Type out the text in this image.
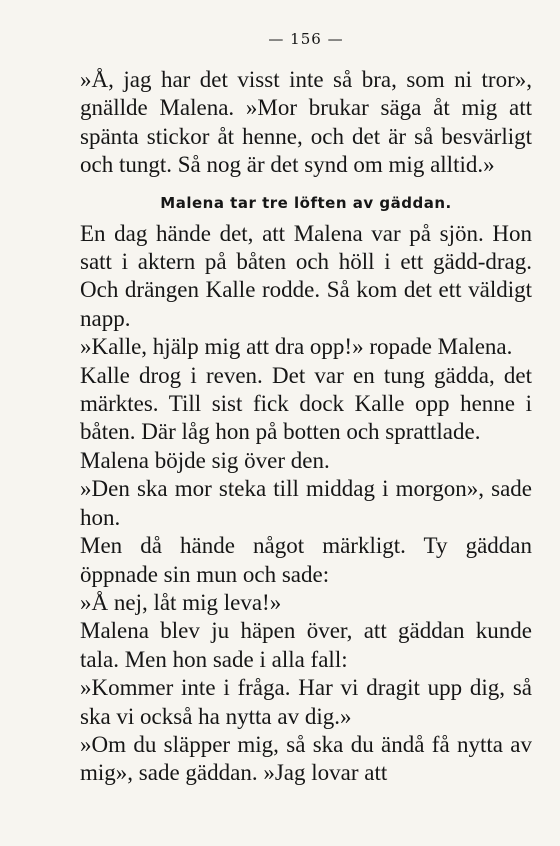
— 156 —

»Å, jag har det visst inte så bra, som ni tror», gnällde Malena. »Mor brukar säga åt mig att spänta stickor åt henne, och det är så besvärligt och tungt. Så nog är det synd om mig alltid.»

Malena tar tre löften av gäddan.

En dag hände det, att Malena var på sjön. Hon satt i aktern på båten och höll i ett gädd-drag. Och drängen Kalle rodde. Så kom det ett väldigt napp.

»Kalle, hjälp mig att dra opp!» ropade Malena.

Kalle drog i reven. Det var en tung gädda, det märktes. Till sist fick dock Kalle opp henne i båten. Där låg hon på botten och sprattlade.

Malena böjde sig över den.

»Den ska mor steka till middag i morgon», sade hon.

Men då hände något märkligt. Ty gäddan öppnade sin mun och sade:

»Å nej, låt mig leva!»

Malena blev ju häpen över, att gäddan kunde tala. Men hon sade i alla fall:

»Kommer inte i fråga. Har vi dragit upp dig, så ska vi också ha nytta av dig.»

»Om du släpper mig, så ska du ändå få nytta av mig», sade gäddan. »Jag lovar att
